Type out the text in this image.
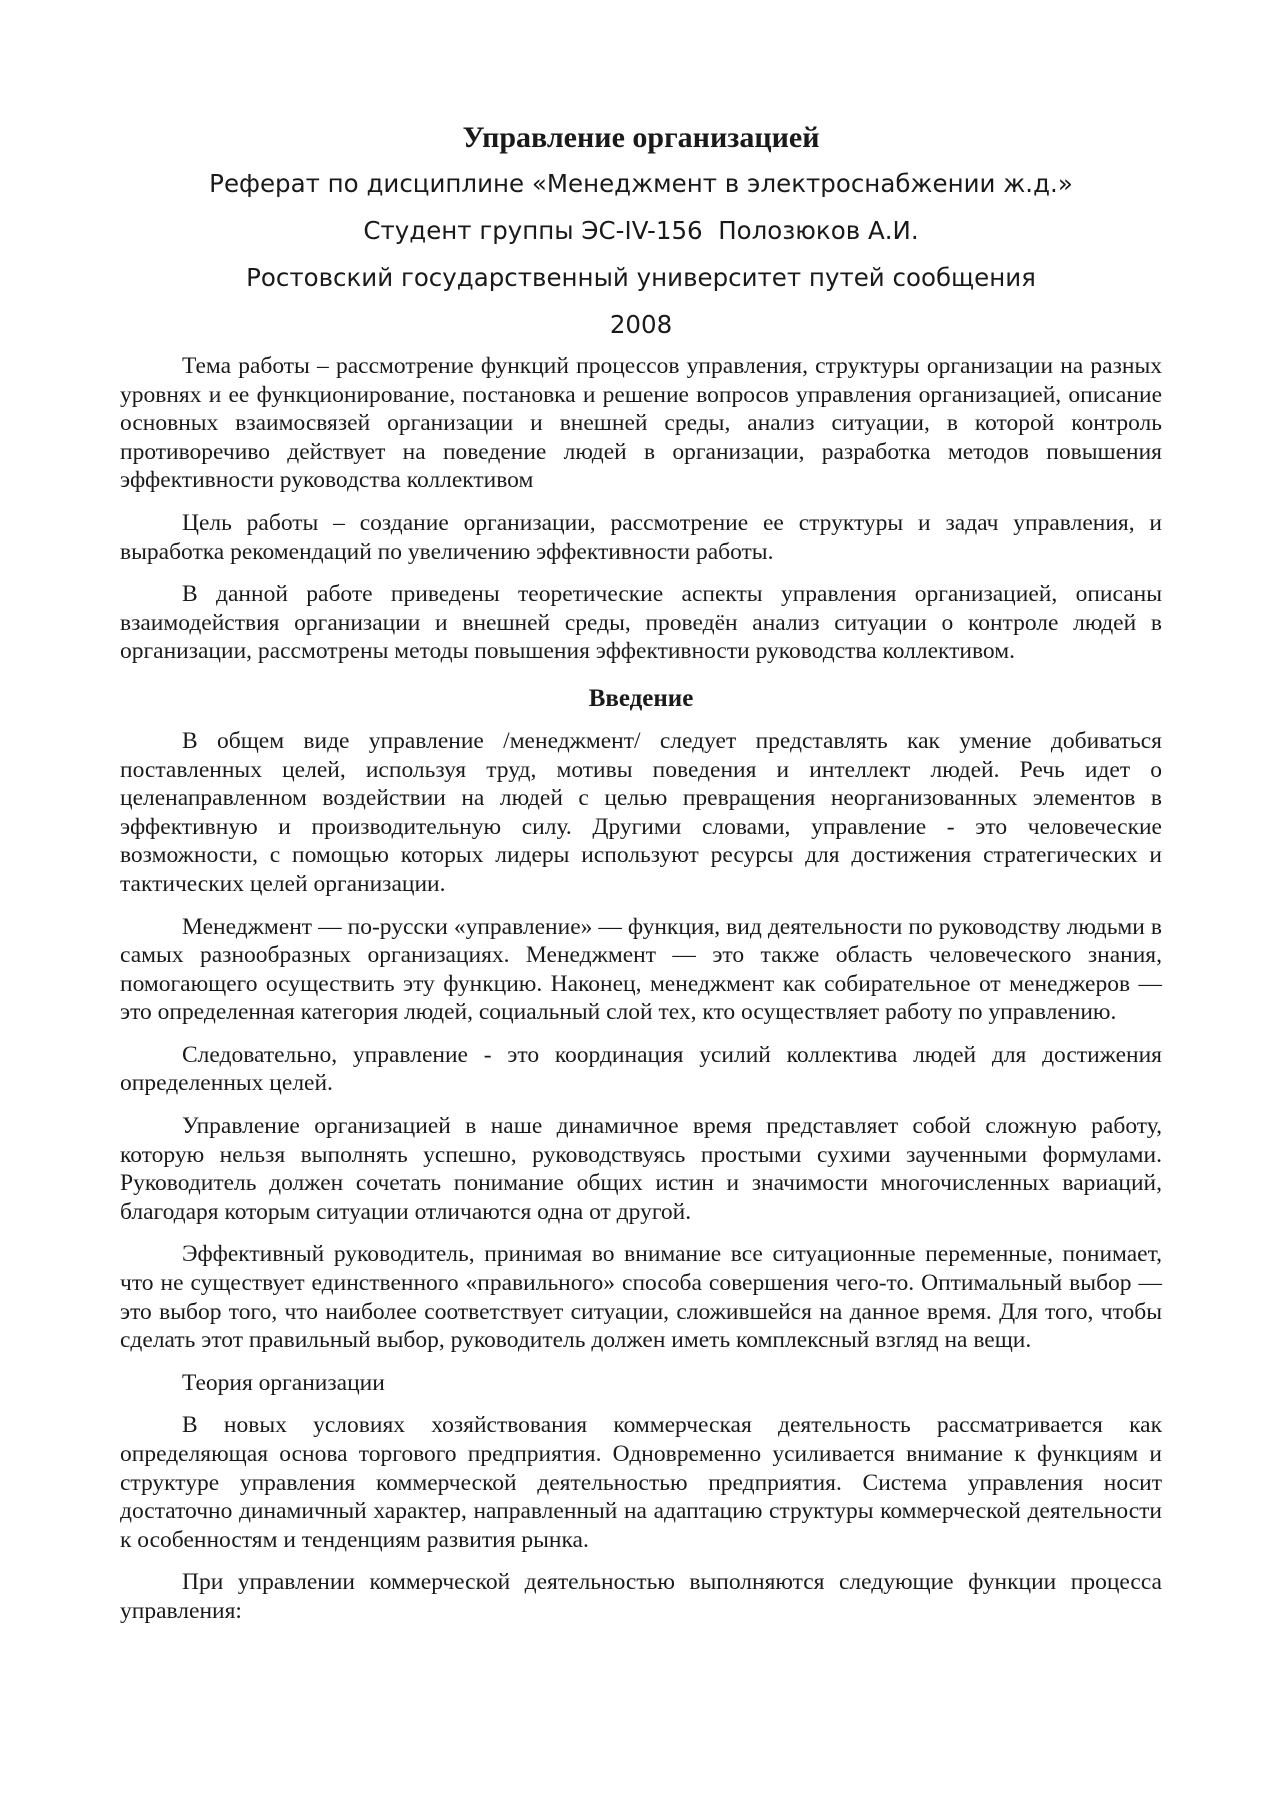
Управление организацией

Реферат по дисциплине «Менеджмент в электроснабжении ж.д.»

Студент группы ЭС-IV-156  Полозюков А.И.

Ростовский государственный университет путей сообщения

2008

Тема работы – рассмотрение функций процессов управления, структуры организации на разных уровнях и ее функционирование, постановка и решение вопросов управления организацией, описание основных взаимосвязей организации и внешней среды, анализ ситуации, в которой контроль противоречиво действует на поведение людей в организации, разработка методов повышения эффективности руководства коллективом

Цель работы – создание организации, рассмотрение ее структуры и задач управления, и выработка рекомендаций по увеличению эффективности работы.

В данной работе приведены теоретические аспекты управления организацией, описаны взаимодействия организации и внешней среды, проведён анализ ситуации о контроле людей в организации, рассмотрены методы повышения эффективности руководства коллективом.

Введение

В общем виде управление /менеджмент/ следует представлять как умение добиваться поставленных целей, используя труд, мотивы поведения и интеллект людей. Речь идет о целенаправленном воздействии на людей с целью превращения неорганизованных элементов в эффективную и производительную силу. Другими словами, управление - это человеческие возможности, с помощью которых лидеры используют ресурсы для достижения стратегических и тактических целей организации.

Менеджмент — по-русски «управление» — функция, вид деятельности по руководству людьми в самых разнообразных организациях. Менеджмент — это также область человеческого знания, помогающего осуществить эту функцию. Наконец, менеджмент как собирательное от менеджеров — это определенная категория людей, социальный слой тех, кто осуществляет работу по управлению.

Следовательно, управление - это координация усилий коллектива людей для достижения определенных целей.

Управление организацией в наше динамичное время представляет собой сложную работу, которую нельзя выполнять успешно, руководствуясь простыми сухими заученными формулами. Руководитель должен сочетать понимание общих истин и значимости многочисленных вариаций, благодаря которым ситуации отличаются одна от другой.

Эффективный руководитель, принимая во внимание все ситуационные переменные, понимает, что не существует единственного «правильного» способа совершения чего-то. Оптимальный выбор — это выбор того, что наиболее соответствует ситуации, сложившейся на данное время. Для того, чтобы сделать этот правильный выбор, руководитель должен иметь комплексный взгляд на вещи.

Теория организации

В новых условиях хозяйствования коммерческая деятельность рассматривается как определяющая основа торгового предприятия. Одновременно усиливается внимание к функциям и структуре управления коммерческой деятельностью предприятия. Система управления носит достаточно динамичный характер, направленный на адаптацию структуры коммерческой деятельности к особенностям и тенденциям развития рынка.

При управлении коммерческой деятельностью выполняются следующие функции процесса управления:
